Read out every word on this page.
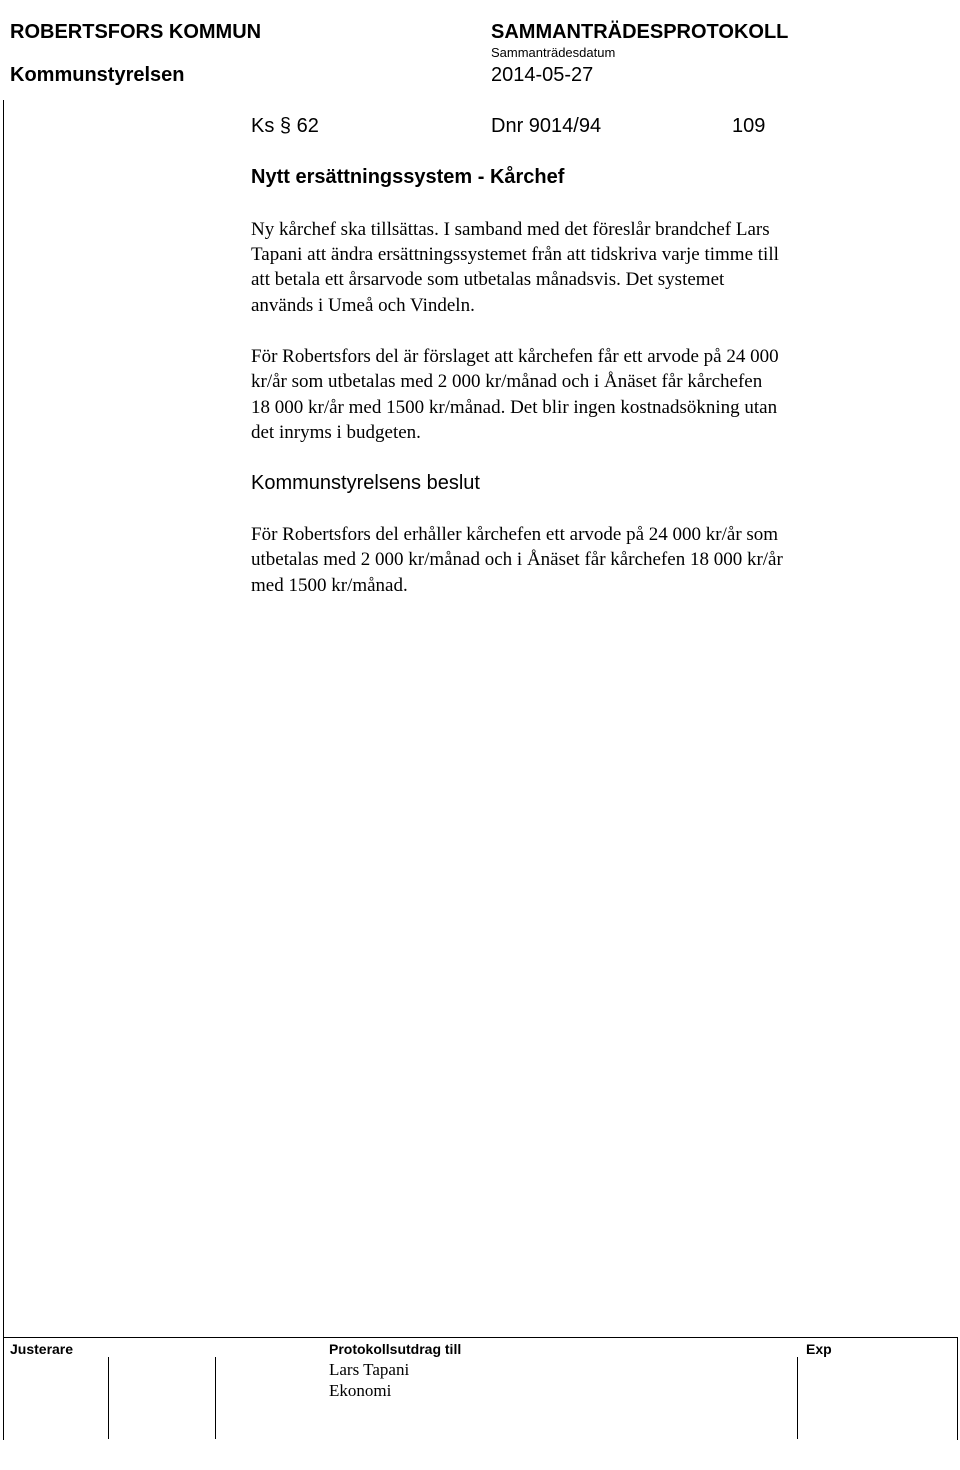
ROBERTSFORS KOMMUN
Kommunstyrelsen
SAMMANTRÄDESPROTOKOLL
Sammanträdesdatum
2014-05-27
Ks § 62	Dnr 9014/94	109
Nytt ersättningssystem - Kårchef
Ny kårchef ska tillsättas. I samband med det föreslår brandchef Lars
Tapani att ändra ersättningssystemet från att tidskriva varje timme till
att betala ett årsarvode som utbetalas månadsvis. Det systemet
används i Umeå och Vindeln.
För Robertsfors del är förslaget att kårchefen får ett arvode på 24 000
kr/år som utbetalas med 2 000 kr/månad och i Ånäset får kårchefen
18 000 kr/år med 1500 kr/månad. Det blir ingen kostnadsökning utan
det inryms i budgeten.
Kommunstyrelsens beslut
För Robertsfors del erhåller kårchefen ett arvode på 24 000 kr/år som
utbetalas med 2 000 kr/månad och i Ånäset får kårchefen 18 000 kr/år
med 1500 kr/månad.
Justerare	Protokollsutdrag till
Lars Tapani
Ekonomi
Exp
